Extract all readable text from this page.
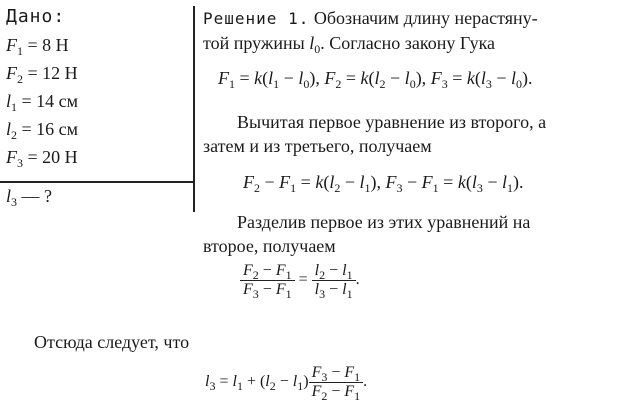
Дано:
$F_1 = 8$ Н
$F_2 = 12$ Н
$l_1 = 14$ см
$l_2 = 16$ см
$F_3 = 20$ Н
$l_3$ — ?
Решение 1. Обозначим длину нерастяну-
той пружины $l_0$. Согласно закону Гука
$F_1 = k(l_1 - l_0)$, $F_2 = k(l_2 - l_0)$, $F_3 = k(l_3 - l_0)$.
Вычитая первое уравнение из второго, а
затем и из третьего, получаем
$F_2 - F_1 = k(l_2 - l_1)$, $F_3 - F_1 = k(l_3 - l_1)$.
Разделив первое из этих уравнений на
второе, получаем
$\frac{F_2 - F_1}{F_3 - F_1} = \frac{l_2 - l_1}{l_3 - l_1}$ .
Отсюда следует, что
$l_3 = l_1 + (l_2 - l_1) \frac{F_3 - F_1}{F_2 - F_1}$ .
